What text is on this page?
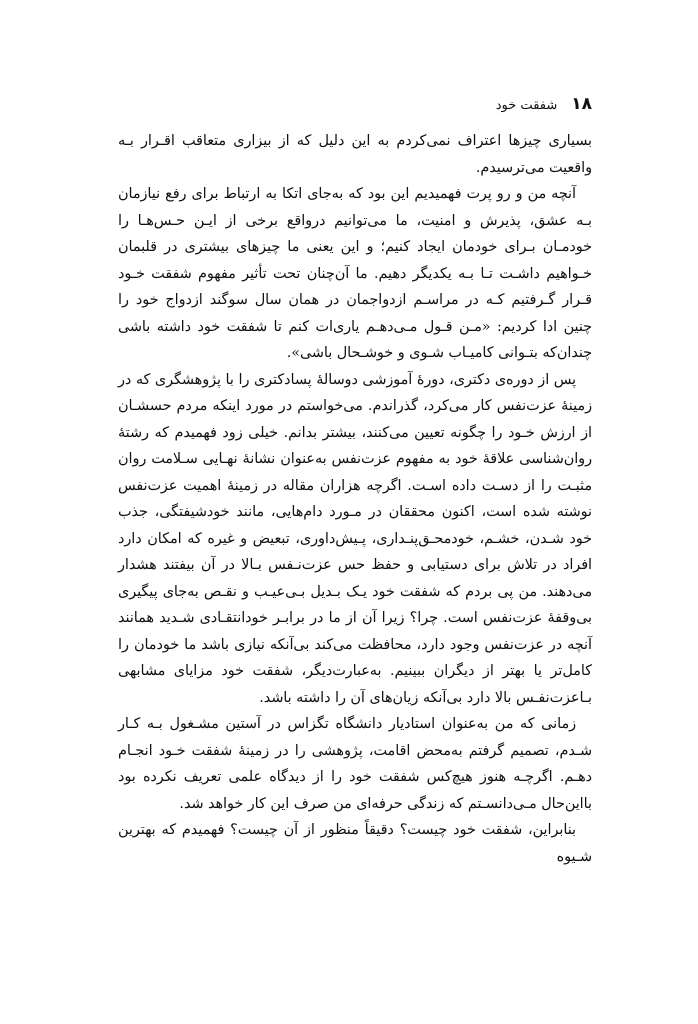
۱۸
شفقت خود

بسیاری چیزها اعتراف نمی‌کردم به این دلیل که از بیزاری متعاقب اقـرار بـه واقعیت می‌ترسیدم.

آنچه من و رو پرت فهمیدیم این بود که به‌جای اتکا به ارتباط برای رفع نیازمان بـه عشق، پذیرش و امنیت، ما می‌توانیم درواقع برخی از ایـن حـس‌هـا را خودمـان بـرای خودمان ایجاد کنیم؛ و این یعنی ما چیزهای بیشتری در قلبمان خـواهیم داشـت تـا بـه یکدیگر دهیم. ما آن‌چنان تحت تأثیر مفهوم شفقت خـود قـرار گـرفتیم کـه در مراسـم ازدواجمان در همان سال سوگند ازدواج خود را چنین ادا کردیم: «مـن قـول مـی‌دهـم یاری‌ات کنم تا شفقت خود داشته باشی چندان‌که بتـوانی کامیـاب شـوی و خوشـحال باشی».

پس از دوره‌ی دکتری، دورهٔ آموزشی دوسالهٔ پسادکتری را با پژوهشگری که در زمینهٔ عزت‌نفس کار می‌کرد، گذراندم. می‌خواستم در مورد اینکه مردم حسشـان از ارزش خـود را چگونه تعیین می‌کنند، بیشتر بدانم. خیلی زود فهمیدم که رشتهٔ روان‌شناسی علاقهٔ خود به مفهوم عزت‌نفس به‌عنوان نشانهٔ نهـایی سـلامت روان مثبـت را از دسـت داده اسـت. اگرچه هزاران مقاله در زمینهٔ اهمیت عزت‌نفس نوشته شده است، اکنون محققان در مـورد دام‌هایی، مانند خودشیفتگی، جذب خود شـدن، خشـم، خودمحـق‌پنـداری، پـیش‌داوری، تبعیض و غیره که امکان دارد افراد در تلاش برای دستیابی و حفظ حس عزت‌نـفس بـالا در آن بیفتند هشدار می‌دهند. من پی بردم که شفقت خود یـک بـدیل بـی‌عیـب و نقـص به‌جای پیگیری بی‌وقفهٔ عزت‌نفس است. چرا؟ زیرا آن از ما در برابـر خودانتقـادی شـدید همانند آنچه در عزت‌نفس وجود دارد، محافظت می‌کند بی‌آنکه نیازی باشد ما خودمان را کامل‌تر یا بهتر از دیگران ببینیم. به‌عبارت‌دیگر، شفقت خود مزایای مشابهی بـاعزت‌نفـس بالا دارد بی‌آنکه زیان‌های آن را داشته باشد.

زمانی که من به‌عنوان استادیار دانشگاه تگزاس در آستین مشـغول بـه کـار شـدم، تصمیم گرفتم به‌محض اقامت، پژوهشی را در زمینهٔ شفقت خـود انجـام دهـم. اگرچـه هنوز هیچ‌کس شفقت خود را از دیدگاه علمی تعریف نکرده بود بااین‌حال مـی‌دانسـتم که زندگی حرفه‌ای من صرف این کار خواهد شد.

بنابراین، شفقت خود چیست؟ دقیقاً منظور از آن چیست؟ فهمیدم که بهترین شـیوه
